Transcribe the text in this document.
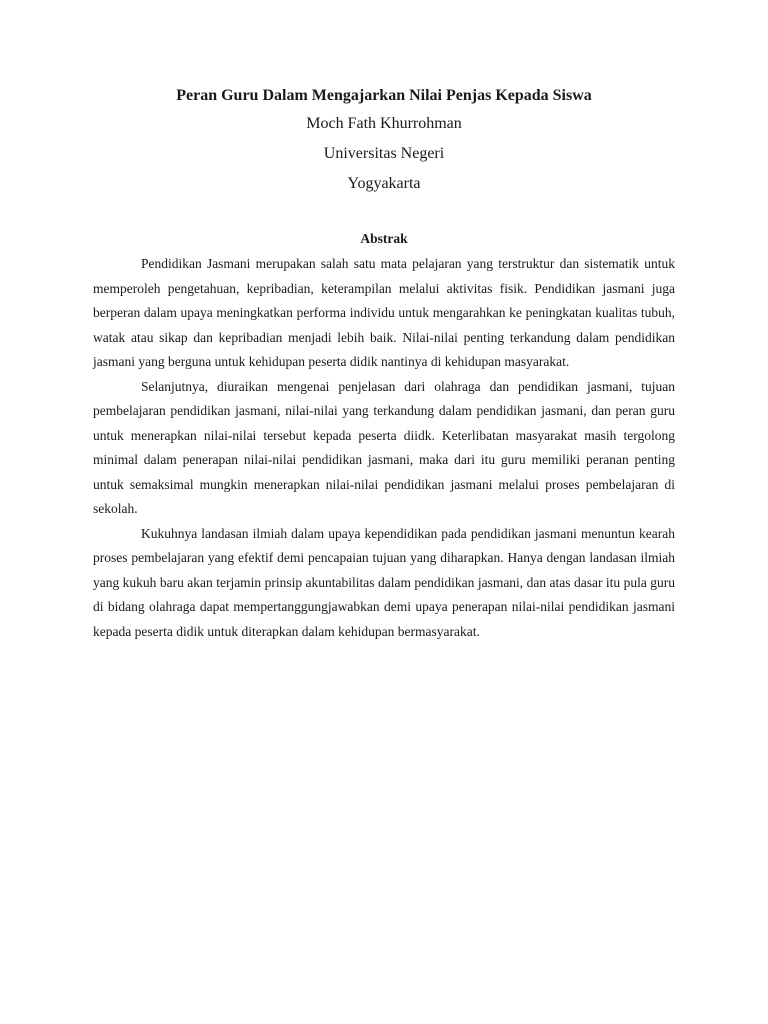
Peran Guru Dalam Mengajarkan Nilai Penjas Kepada Siswa
Moch Fath Khurrohman
Universitas Negeri
Yogyakarta
Abstrak

Pendidikan Jasmani merupakan salah satu mata pelajaran yang terstruktur dan sistematik untuk memperoleh pengetahuan, kepribadian, keterampilan melalui aktivitas fisik. Pendidikan jasmani juga berperan dalam upaya meningkatkan performa individu untuk mengarahkan ke peningkatan kualitas tubuh, watak atau sikap dan kepribadian menjadi lebih baik. Nilai-nilai penting terkandung dalam pendidikan jasmani yang berguna untuk kehidupan peserta didik nantinya di kehidupan masyarakat.

Selanjutnya, diuraikan mengenai penjelasan dari olahraga dan pendidikan jasmani, tujuan pembelajaran pendidikan jasmani, nilai-nilai yang terkandung dalam pendidikan jasmani, dan peran guru untuk menerapkan nilai-nilai tersebut kepada peserta diidk. Keterlibatan masyarakat masih tergolong minimal dalam penerapan nilai-nilai pendidikan jasmani, maka dari itu guru memiliki peranan penting untuk semaksimal mungkin menerapkan nilai-nilai pendidikan jasmani melalui proses pembelajaran di sekolah.

Kukuhnya landasan ilmiah dalam upaya kependidikan pada pendidikan jasmani menuntun kearah proses pembelajaran yang efektif demi pencapaian tujuan yang diharapkan. Hanya dengan landasan ilmiah yang kukuh baru akan terjamin prinsip akuntabilitas dalam pendidikan jasmani, dan atas dasar itu pula guru di bidang olahraga dapat mempertanggungjawabkan demi upaya penerapan nilai-nilai pendidikan jasmani kepada peserta didik untuk diterapkan dalam kehidupan bermasyarakat.
